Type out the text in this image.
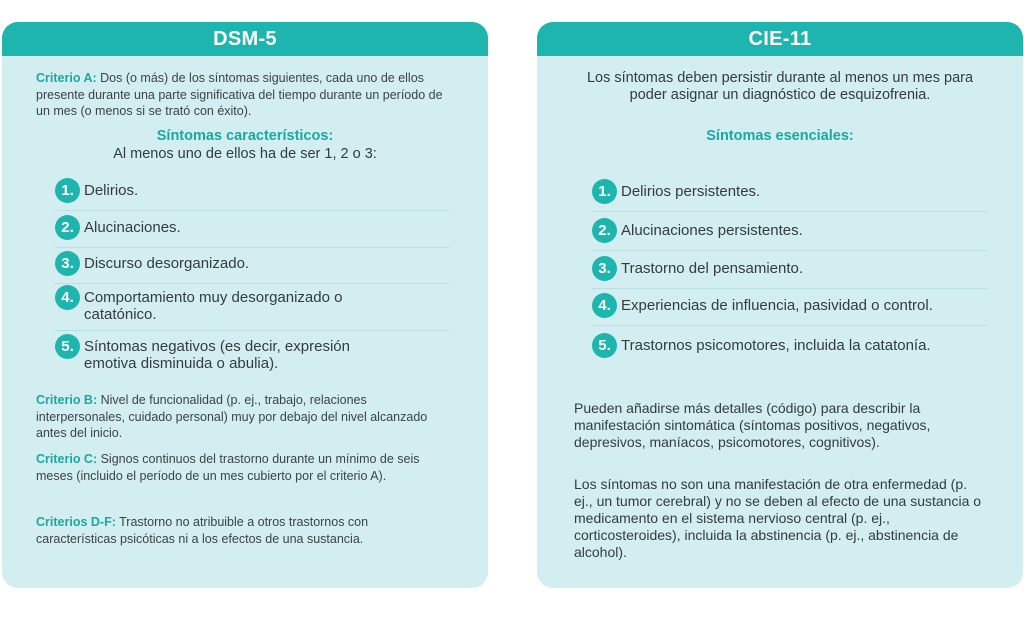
DSM-5
Criterio A: Dos (o más) de los síntomas siguientes, cada uno de ellos presente durante una parte significativa del tiempo durante un período de un mes (o menos si se trató con éxito).
Síntomas característicos:
Al menos uno de ellos ha de ser 1, 2 o 3:
1. Delirios.
2. Alucinaciones.
3. Discurso desorganizado.
4. Comportamiento muy desorganizado o catatónico.
5. Síntomas negativos (es decir, expresión emotiva disminuida o abulia).
Criterio B: Nivel de funcionalidad (p. ej., trabajo, relaciones interpersonales, cuidado personal) muy por debajo del nivel alcanzado antes del inicio.
Criterio C: Signos continuos del trastorno durante un mínimo de seis meses (incluido el período de un mes cubierto por el criterio A).
Criterios D-F: Trastorno no atribuible a otros trastornos con características psicóticas ni a los efectos de una sustancia.
CIE-11
Los síntomas deben persistir durante al menos un mes para poder asignar un diagnóstico de esquizofrenia.
Síntomas esenciales:
1. Delirios persistentes.
2. Alucinaciones persistentes.
3. Trastorno del pensamiento.
4. Experiencias de influencia, pasividad o control.
5. Trastornos psicomotores, incluida la catatonía.
Pueden añadirse más detalles (código) para describir la manifestación sintomática (síntomas positivos, negativos, depresivos, maníacos, psicomotores, cognitivos).
Los síntomas no son una manifestación de otra enfermedad (p. ej., un tumor cerebral) y no se deben al efecto de una sustancia o medicamento en el sistema nervioso central (p. ej., corticosteroides), incluida la abstinencia (p. ej., abstinencia de alcohol).
